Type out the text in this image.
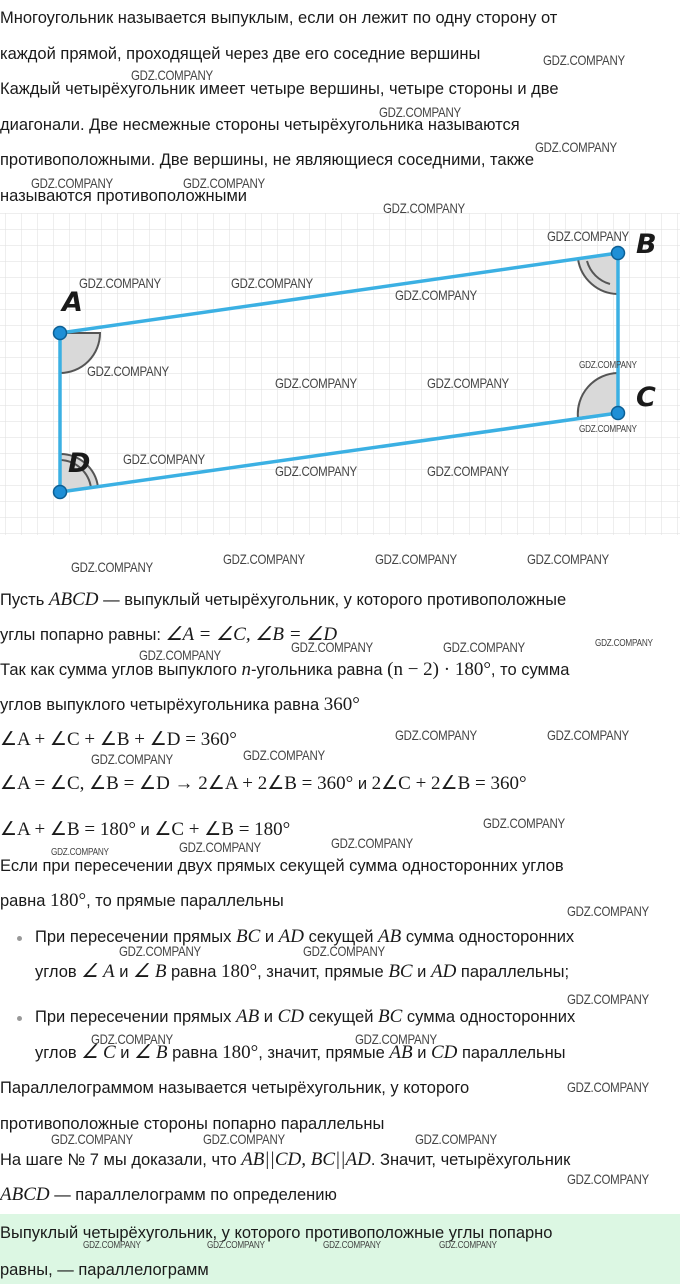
Многоугольник называется выпуклым, если он лежит по одну сторону от
каждой прямой, проходящей через две его соседние вершины
Каждый четырёхугольник имеет четыре вершины, четыре стороны и две
диагонали. Две несмежные стороны четырёхугольника называются
противоположными. Две вершины, не являющиеся соседними, также
называются противоположными
A
B
C
D
Пусть ABCD — выпуклый четырёхугольник, у которого противоположные
углы попарно равны: ∠A = ∠C, ∠B = ∠D
Так как сумма углов выпуклого n-угольника равна (n − 2) · 180°, то сумма
углов выпуклого четырёхугольника равна 360°
∠A + ∠C + ∠B + ∠D = 360°
∠A = ∠C, ∠B = ∠D → 2∠A + 2∠B = 360° и 2∠C + 2∠B = 360°
∠A + ∠B = 180° и ∠C + ∠B = 180°
Если при пересечении двух прямых секущей сумма односторонних углов
равна 180°, то прямые параллельны
При пересечении прямых BC и AD секущей AB сумма односторонних
углов ∠ A и ∠ B равна 180°, значит, прямые BC и AD параллельны;
При пересечении прямых AB и CD секущей BC сумма односторонних
углов ∠ C и ∠ B равна 180°, значит, прямые AB и CD параллельны
Параллелограммом называется четырёхугольник, у которого
противоположные стороны попарно параллельны
На шаге № 7 мы доказали, что AB||CD, BC||AD. Значит, четырёхугольник
ABCD — параллелограмм по определению
Выпуклый четырёхугольник, у которого противоположные углы попарно
равны, — параллелограмм
GDZ.COMPANY
GDZ.COMPANY
GDZ.COMPANY
GDZ.COMPANY
GDZ.COMPANY	GDZ.COMPANY
GDZ.COMPANY
GDZ.COMPANY
GDZ.COMPANY	GDZ.COMPANY
GDZ.COMPANY
GDZ.COMPANY
GDZ.COMPANY
GDZ.COMPANY	GDZ.COMPANY
GDZ.COMPANY
GDZ.COMPANY
GDZ.COMPANY	GDZ.COMPANY
GDZ.COMPANY	GDZ.COMPANY	GDZ.COMPANY
GDZ.COMPANY
GDZ.COMPANY	GDZ.COMPANY	GDZ.COMPANY
GDZ.COMPANY
GDZ.COMPANY	GDZ.COMPANY
GDZ.COMPANY
GDZ.COMPANY
GDZ.COMPANY
GDZ.COMPANY
GDZ.COMPANY
GDZ.COMPANY
GDZ.COMPANY
GDZ.COMPANY
GDZ.COMPANY
GDZ.COMPANY
GDZ.COMPANY
GDZ.COMPANY
GDZ.COMPANY
GDZ.COMPANY	GDZ.COMPANY	GDZ.COMPANY
GDZ.COMPANY
GDZ.COMPANY	GDZ.COMPANY	GDZ.COMPANY	GDZ.COMPANY
